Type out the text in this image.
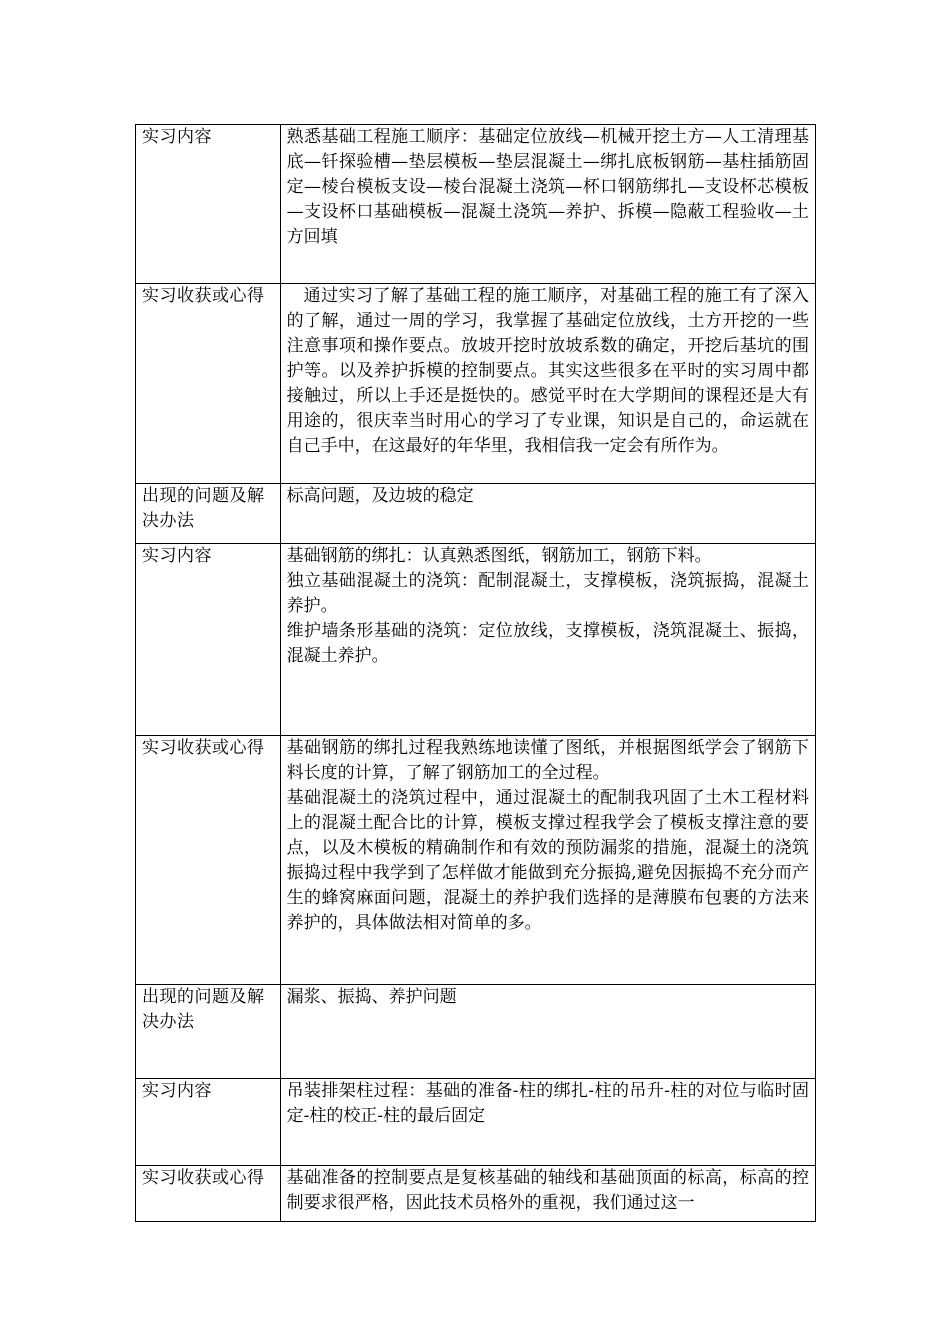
实习内容	熟悉基础工程施工顺序：基础定位放线—机械开挖土方—人工清理基底—钎探验槽—垫层模板—垫层混凝土—绑扎底板钢筋—基柱插筋固定—棱台模板支设—棱台混凝土浇筑—杯口钢筋绑扎—支设杯芯模板—支设杯口基础模板—混凝土浇筑—养护、拆模—隐蔽工程验收—土方回填

实习收获或心得	通过实习了解了基础工程的施工顺序，对基础工程的施工有了深入的了解，通过一周的学习，我掌握了基础定位放线，土方开挖的一些注意事项和操作要点。放坡开挖时放坡系数的确定，开挖后基坑的围护等。以及养护拆模的控制要点。其实这些很多在平时的实习周中都接触过，所以上手还是挺快的。感觉平时在大学期间的课程还是大有用途的，很庆幸当时用心的学习了专业课，知识是自己的，命运就在自己手中，在这最好的年华里，我相信我一定会有所作为。

出现的问题及解决办法	标高问题，及边坡的稳定

实习内容	基础钢筋的绑扎：认真熟悉图纸，钢筋加工，钢筋下料。
独立基础混凝土的浇筑：配制混凝土，支撑模板，浇筑振捣，混凝土养护。
维护墙条形基础的浇筑：定位放线，支撑模板，浇筑混凝土、振捣，混凝土养护。

实习收获或心得	基础钢筋的绑扎过程我熟练地读懂了图纸，并根据图纸学会了钢筋下料长度的计算，了解了钢筋加工的全过程。
基础混凝土的浇筑过程中，通过混凝土的配制我巩固了土木工程材料上的混凝土配合比的计算，模板支撑过程我学会了模板支撑注意的要点，以及木模板的精确制作和有效的预防漏浆的措施，混凝土的浇筑振捣过程中我学到了怎样做才能做到充分振捣,避免因振捣不充分而产生的蜂窝麻面问题，混凝土的养护我们选择的是薄膜布包裹的方法来养护的，具体做法相对简单的多。

出现的问题及解决办法	漏浆、振捣、养护问题

实习内容	吊装排架柱过程：基础的准备-柱的绑扎-柱的吊升-柱的对位与临时固定-柱的校正-柱的最后固定

实习收获或心得	基础准备的控制要点是复核基础的轴线和基础顶面的标高，标高的控制要求很严格，因此技术员格外的重视，我们通过这一
